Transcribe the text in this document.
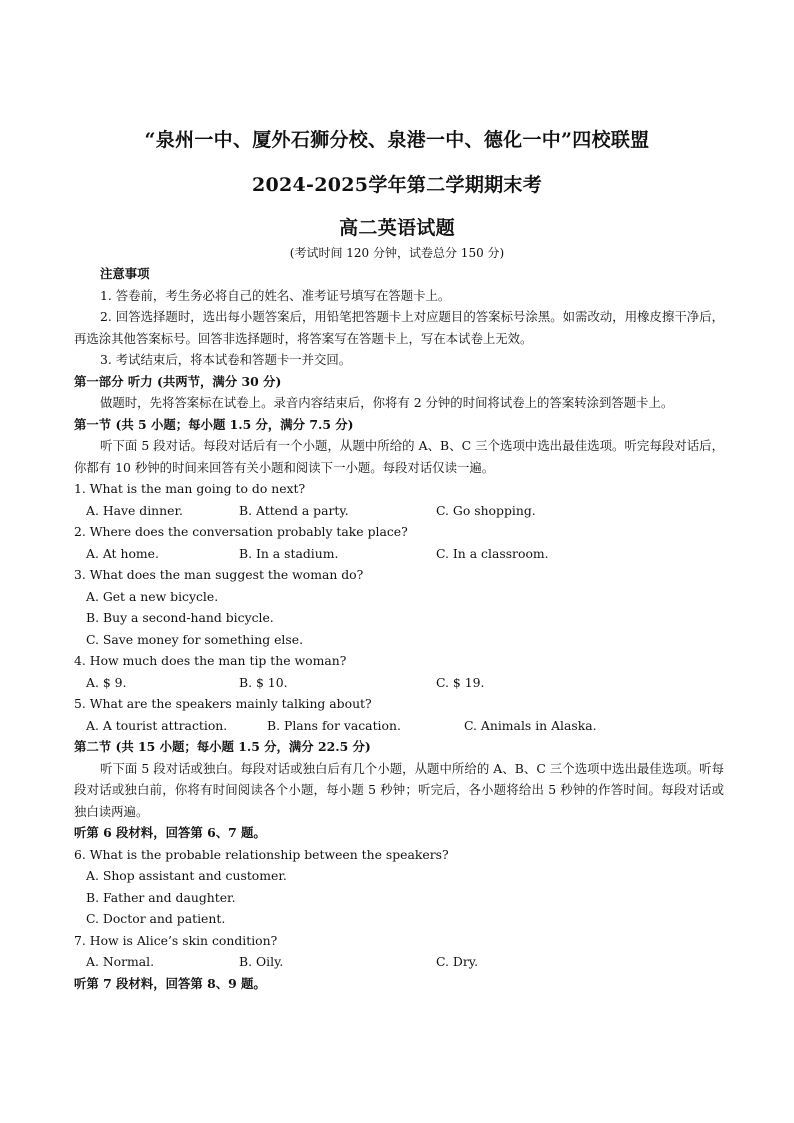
“泉州一中、厦外石狮分校、泉港一中、德化一中”四校联盟
2024-2025学年第二学期期末考
高二英语试题
(考试时间 120 分钟，试卷总分 150 分)
注意事项
1. 答卷前，考生务必将自己的姓名、准考证号填写在答题卡上。
2. 回答选择题时，选出每小题答案后，用铅笔把答题卡上对应题目的答案标号涂黑。如需改动，用橡皮擦干净后，再选涂其他答案标号。回答非选择题时，将答案写在答题卡上，写在本试卷上无效。
3. 考试结束后，将本试卷和答题卡一并交回。
第一部分 听力 (共两节，满分 30 分)
做题时，先将答案标在试卷上。录音内容结束后，你将有 2 分钟的时间将试卷上的答案转涂到答题卡上。
第一节 (共 5 小题；每小题 1.5 分，满分 7.5 分)
听下面 5 段对话。每段对话后有一个小题，从题中所给的 A、B、C 三个选项中选出最佳选项。听完每段对话后，你都有 10 秒钟的时间来回答有关小题和阅读下一小题。每段对话仅读一遍。
1. What is the man going to do next?
A. Have dinner.	B. Attend a party.	C. Go shopping.
2. Where does the conversation probably take place?
A. At home.	B. In a stadium.	C. In a classroom.
3. What does the man suggest the woman do?
A. Get a new bicycle.
B. Buy a second-hand bicycle.
C. Save money for something else.
4. How much does the man tip the woman?
A. $ 9.	B. $ 10.	C. $ 19.
5. What are the speakers mainly talking about?
A. A tourist attraction.	B. Plans for vacation.	C. Animals in Alaska.
第二节 (共 15 小题；每小题 1.5 分，满分 22.5 分)
听下面 5 段对话或独白。每段对话或独白后有几个小题，从题中所给的 A、B、C 三个选项中选出最佳选项。听每段对话或独白前，你将有时间阅读各个小题，每小题 5 秒钟；听完后，各小题将给出 5 秒钟的作答时间。每段对话或独白读两遍。
听第 6 段材料，回答第 6、7 题。
6. What is the probable relationship between the speakers?
A. Shop assistant and customer.
B. Father and daughter.
C. Doctor and patient.
7. How is Alice’s skin condition?
A. Normal.	B. Oily.	C. Dry.
听第 7 段材料，回答第 8、9 题。
